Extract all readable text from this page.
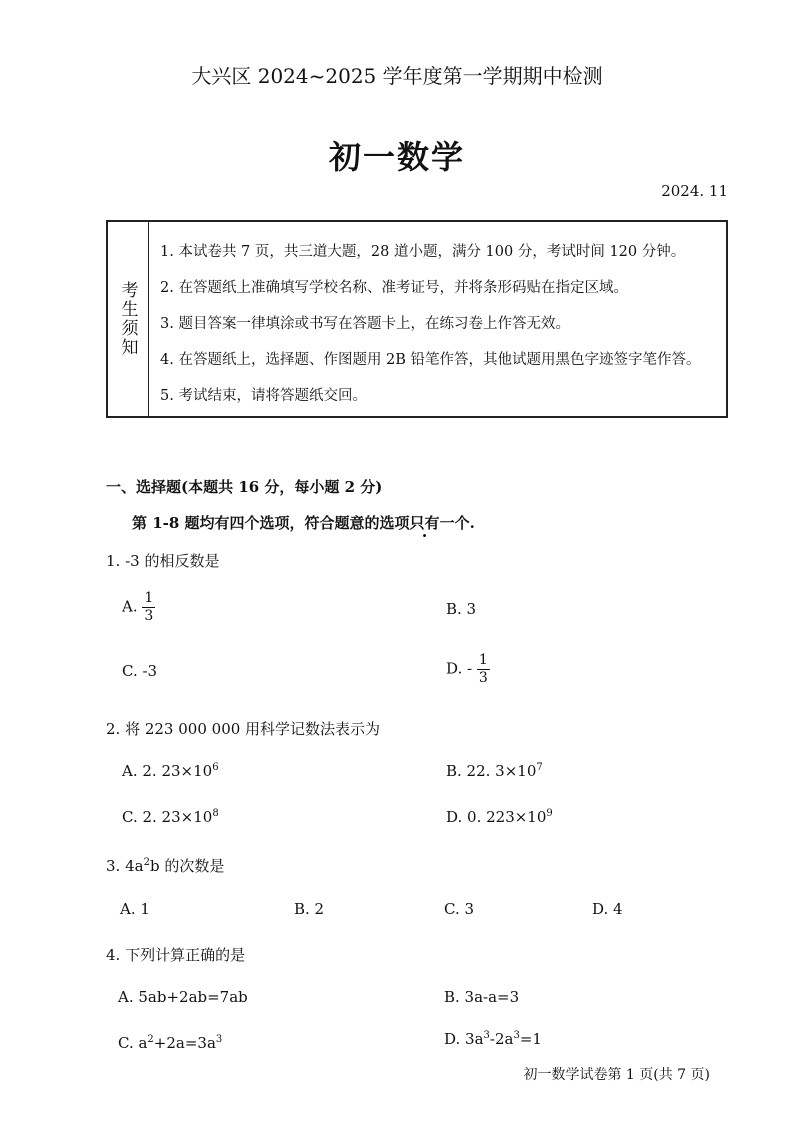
大兴区 2024~2025 学年度第一学期期中检测
初一数学
2024. 11
考生须知
1. 本试卷共 7 页，共三道大题，28 道小题，满分 100 分，考试时间 120 分钟。
2. 在答题纸上准确填写学校名称、准考证号，并将条形码贴在指定区域。
3. 题目答案一律填涂或书写在答题卡上，在练习卷上作答无效。
4. 在答题纸上，选择题、作图题用 2B 铅笔作答，其他试题用黑色字迹签字笔作答。
5. 考试结束，请将答题纸交回。
一、选择题(本题共 16 分，每小题 2 分)
第 1-8 题均有四个选项，符合题意的选项只有一个.
1. -3 的相反数是
A. $\frac{1}{3}$	B. 3
C. -3	D. - $\frac{1}{3}$
2. 将 223 000 000 用科学记数法表示为
A. 2. $23\times 10^6$	B. 22. $3\times 10^7$
C. 2. $23\times 10^8$	D. 0. $223\times 10^9$
3. $4a^2b$ 的次数是
A. 1	B. 2	C. 3	D. 4
4. 下列计算正确的是
A. 5ab+2ab=7ab	B. 3a-a=3
C. $a^2+2a=3a^3$	D. $3a^3-2a^3=1$
初一数学试卷第 1 页(共 7 页)
